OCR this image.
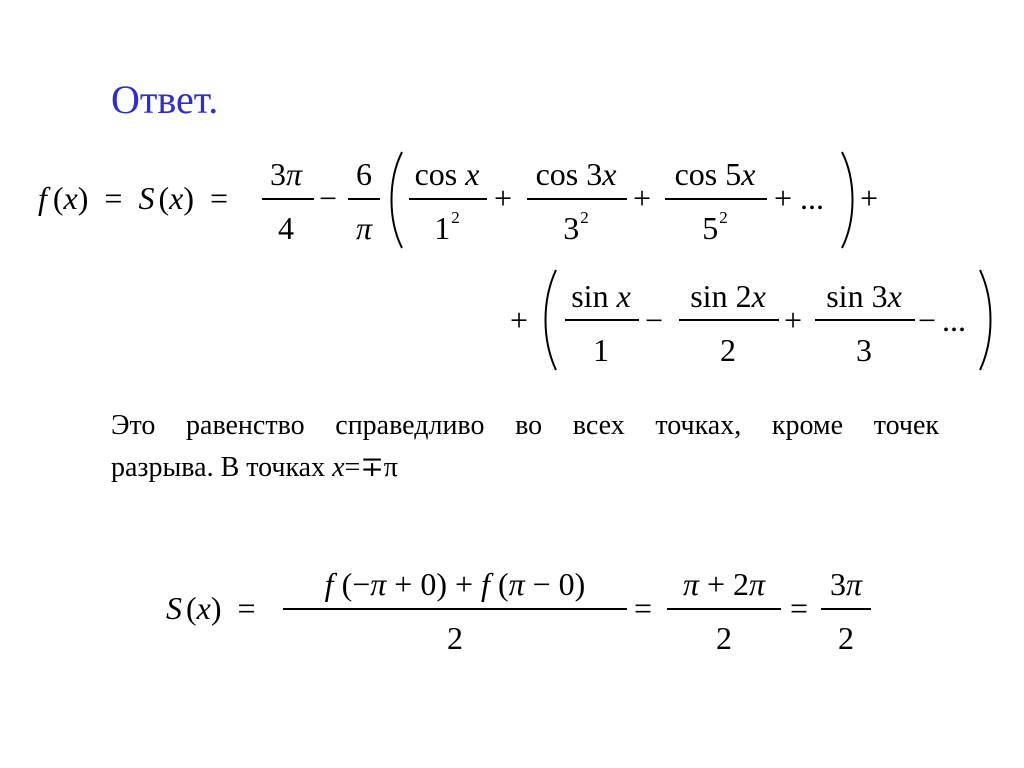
Ответ.
f (x) = S (x) =
3π
4
−
6
π
cos x
$1^2$
+
cos 3x
$3^2$
+
cos 5x
$5^2$
+ ... +
+
sin x
1
−
sin 2x
2
+
sin 3x
3
− ...
Это равенство справедливо во всех точках, кроме точек
разрыва. В точках x=∓π
S (x) =
f (−π + 0) + f (π − 0)
2
=
π + 2π
2
=
3π
2
